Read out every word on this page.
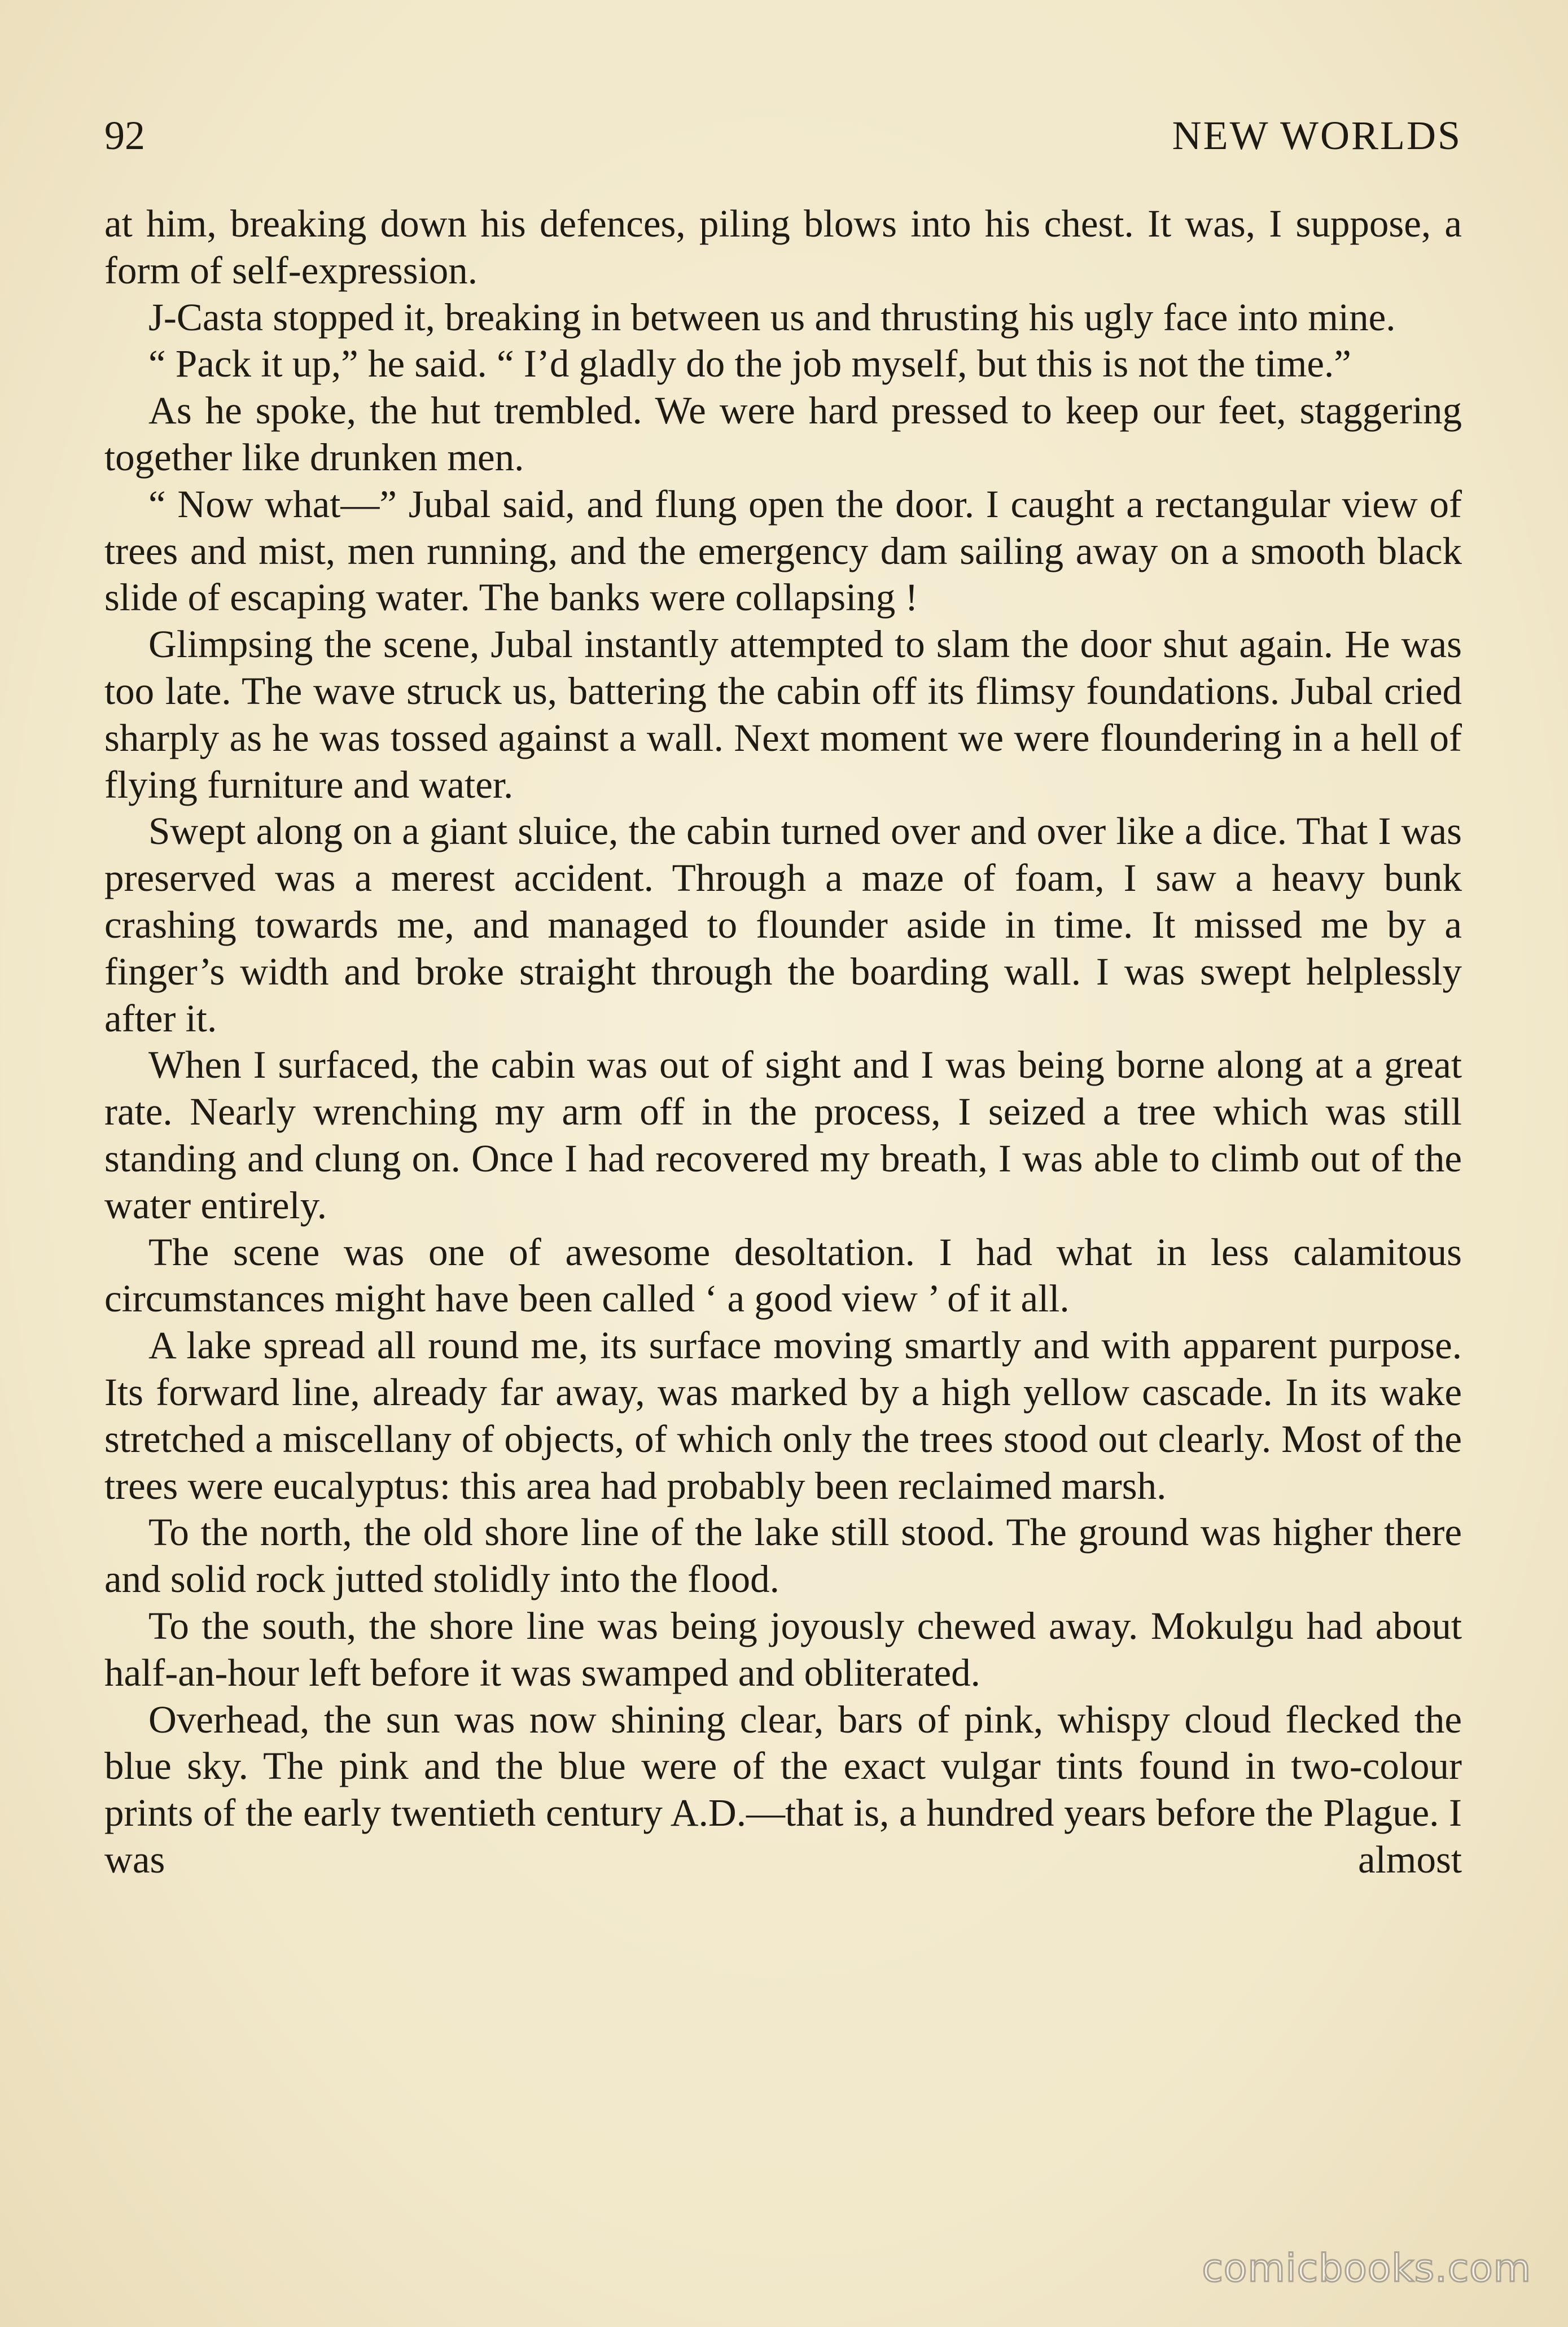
92	NEW WORLDS

at him, breaking down his defences, piling blows into his chest. It was, I suppose, a form of self-expression.

J-Casta stopped it, breaking in between us and thrusting his ugly face into mine.

“ Pack it up,” he said. “ I’d gladly do the job myself, but this is not the time.”

As he spoke, the hut trembled. We were hard pressed to keep our feet, staggering together like drunken men.

“ Now what—” Jubal said, and flung open the door. I caught a rectangular view of trees and mist, men running, and the emergency dam sailing away on a smooth black slide of escaping water. The banks were collapsing !

Glimpsing the scene, Jubal instantly attempted to slam the door shut again. He was too late. The wave struck us, battering the cabin off its flimsy foundations. Jubal cried sharply as he was tossed against a wall. Next moment we were floundering in a hell of flying furniture and water.

Swept along on a giant sluice, the cabin turned over and over like a dice. That I was preserved was a merest accident. Through a maze of foam, I saw a heavy bunk crashing towards me, and managed to flounder aside in time. It missed me by a finger’s width and broke straight through the boarding wall. I was swept helplessly after it.

When I surfaced, the cabin was out of sight and I was being borne along at a great rate. Nearly wrenching my arm off in the process, I seized a tree which was still standing and clung on. Once I had recovered my breath, I was able to climb out of the water entirely.

The scene was one of awesome desoltation. I had what in less calamitous circumstances might have been called ‘ a good view ’ of it all.

A lake spread all round me, its surface moving smartly and with apparent purpose. Its forward line, already far away, was marked by a high yellow cascade. In its wake stretched a miscellany of objects, of which only the trees stood out clearly. Most of the trees were eucalyptus: this area had probably been reclaimed marsh.

To the north, the old shore line of the lake still stood. The ground was higher there and solid rock jutted stolidly into the flood.

To the south, the shore line was being joyously chewed away. Mokulgu had about half-an-hour left before it was swamped and obliterated.

Overhead, the sun was now shining clear, bars of pink, whispy cloud flecked the blue sky. The pink and the blue were of the exact vulgar tints found in two-colour prints of the early twentieth century A.D.—that is, a hundred years before the Plague. I was almost

comicbooks.com
